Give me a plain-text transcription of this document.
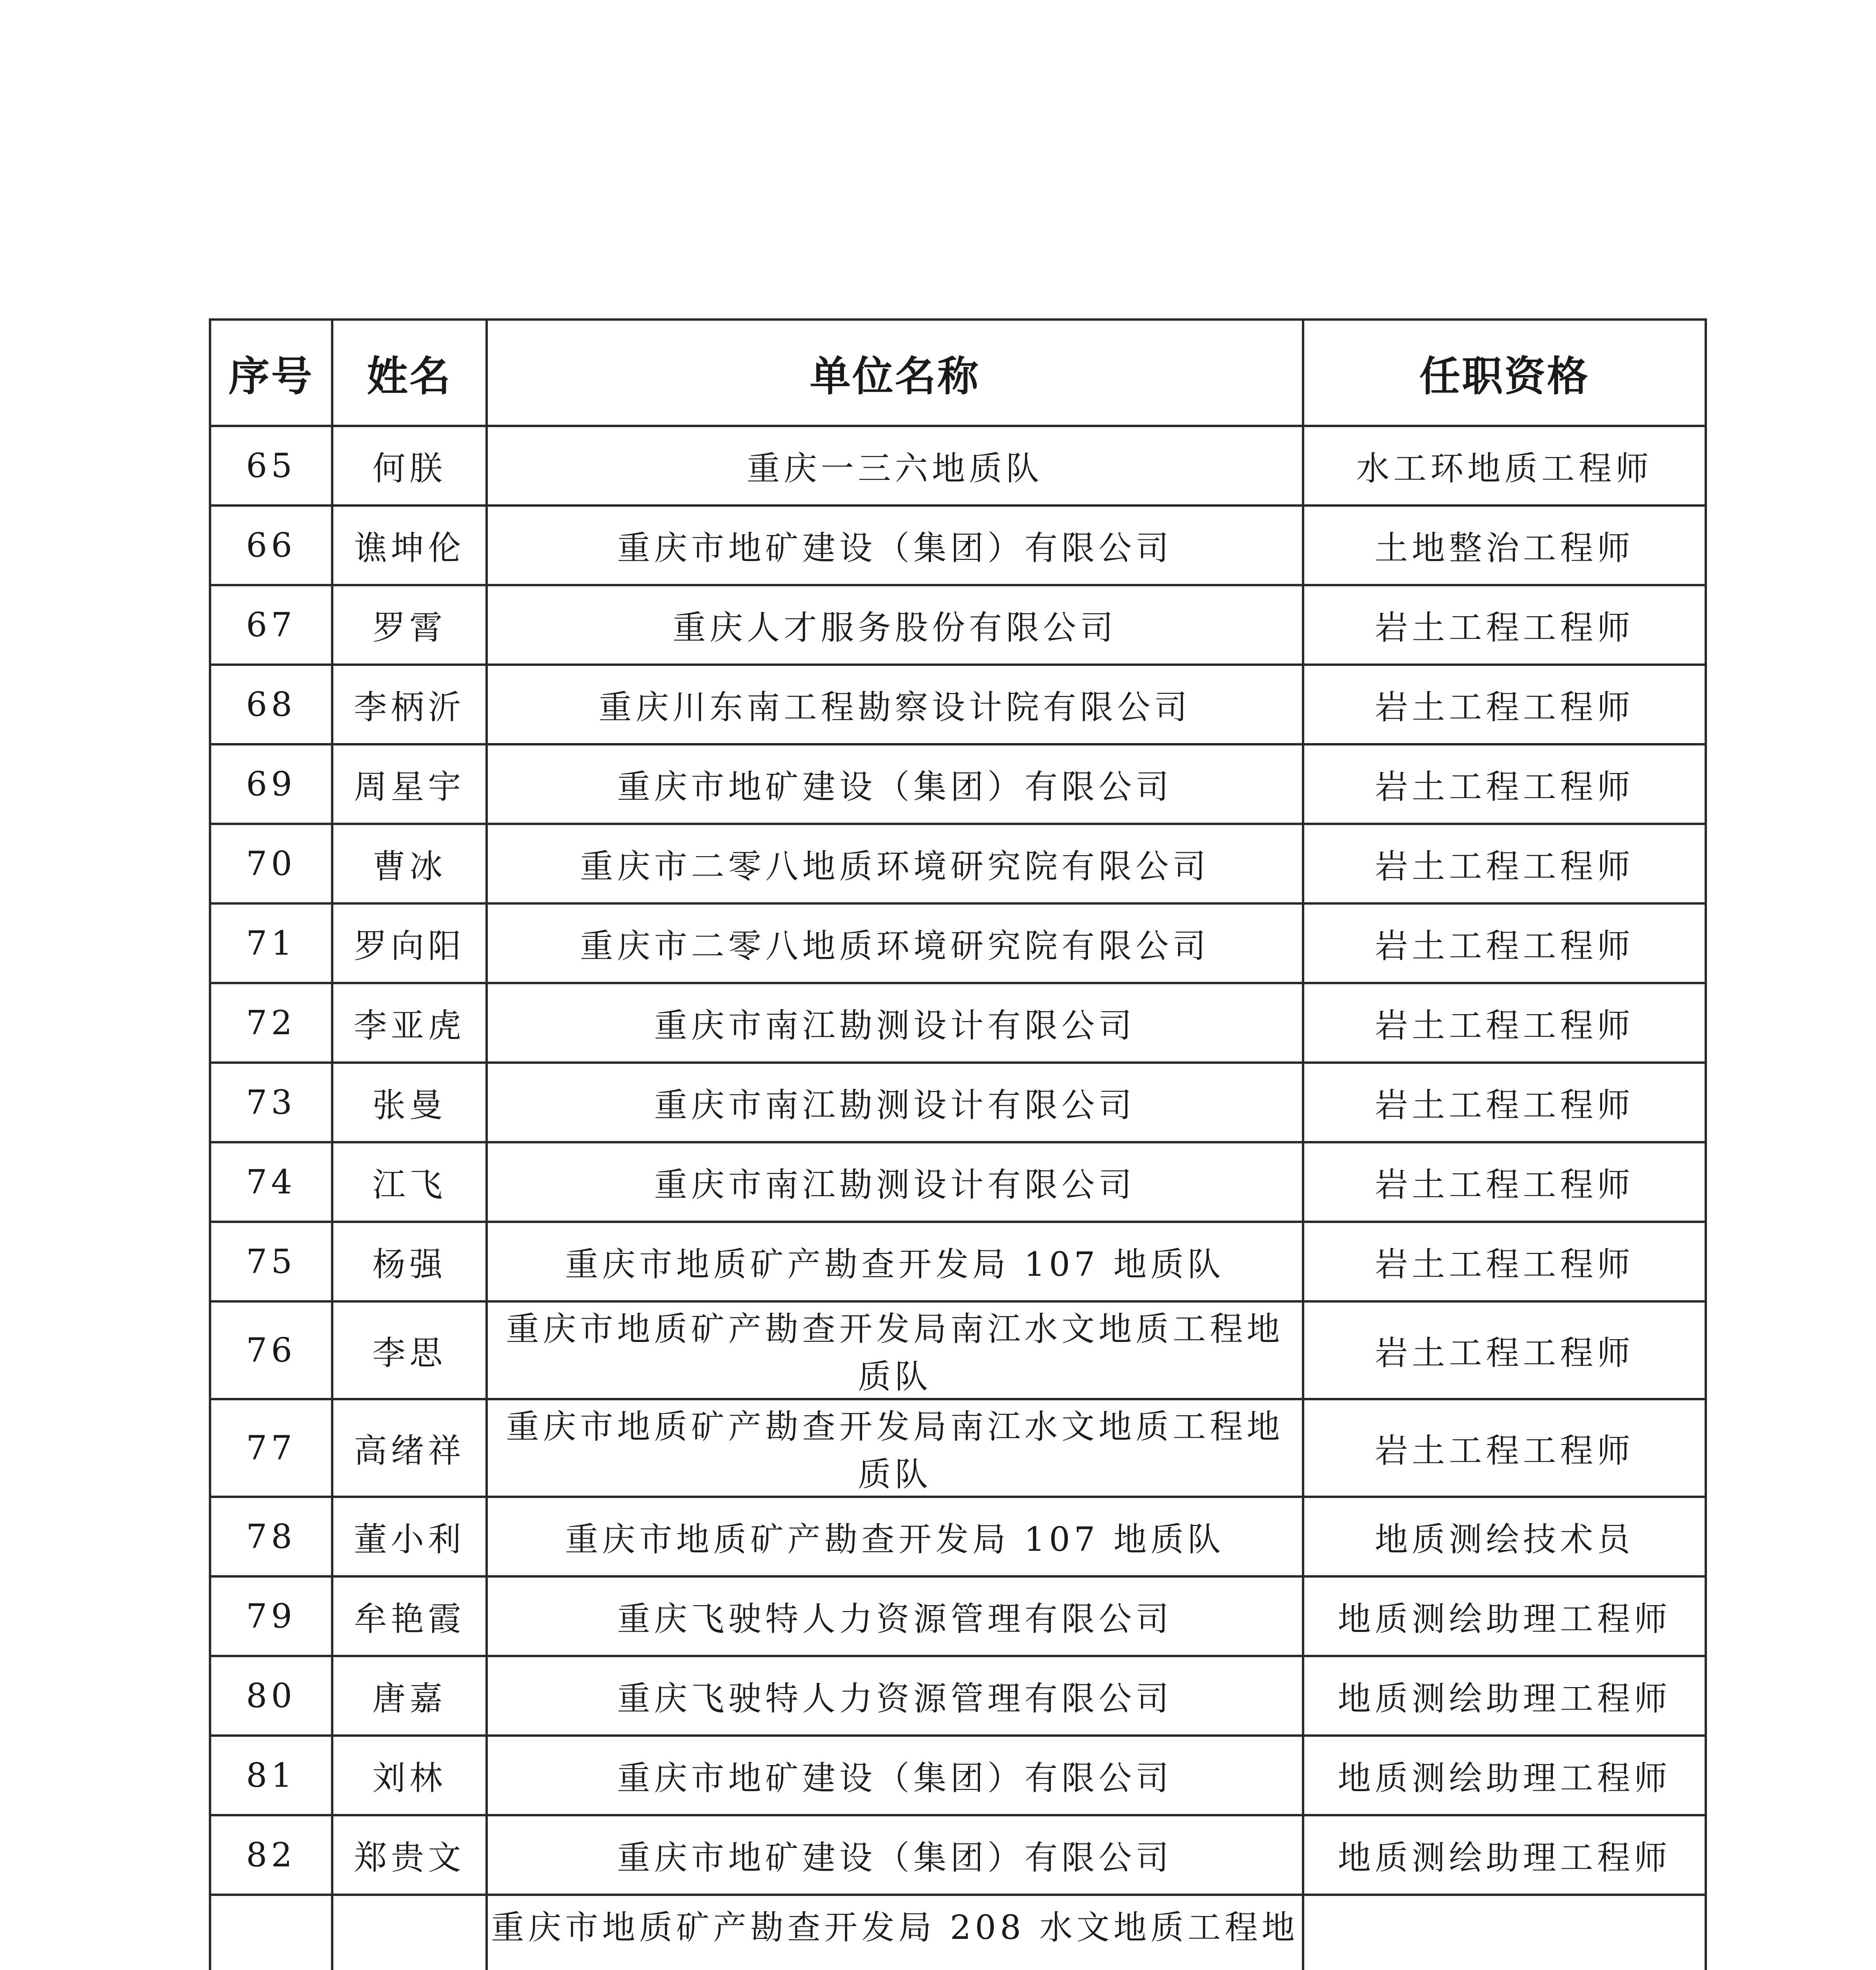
序号	姓名	单位名称	任职资格
65	何朕	重庆一三六地质队	水工环地质工程师
66	谯坤伦	重庆市地矿建设（集团）有限公司	土地整治工程师
67	罗霄	重庆人才服务股份有限公司	岩土工程工程师
68	李柄沂	重庆川东南工程勘察设计院有限公司	岩土工程工程师
69	周星宇	重庆市地矿建设（集团）有限公司	岩土工程工程师
70	曹冰	重庆市二零八地质环境研究院有限公司	岩土工程工程师
71	罗向阳	重庆市二零八地质环境研究院有限公司	岩土工程工程师
72	李亚虎	重庆市南江勘测设计有限公司	岩土工程工程师
73	张曼	重庆市南江勘测设计有限公司	岩土工程工程师
74	江飞	重庆市南江勘测设计有限公司	岩土工程工程师
75	杨强	重庆市地质矿产勘查开发局 107 地质队	岩土工程工程师
76	李思	重庆市地质矿产勘查开发局南江水文地质工程地质队	岩土工程工程师
77	高绪祥	重庆市地质矿产勘查开发局南江水文地质工程地质队	岩土工程工程师
78	董小利	重庆市地质矿产勘查开发局 107 地质队	地质测绘技术员
79	牟艳霞	重庆飞驶特人力资源管理有限公司	地质测绘助理工程师
80	唐嘉	重庆飞驶特人力资源管理有限公司	地质测绘助理工程师
81	刘林	重庆市地矿建设（集团）有限公司	地质测绘助理工程师
82	郑贵文	重庆市地矿建设（集团）有限公司	地质测绘助理工程师
		重庆市地质矿产勘查开发局 208 水文地质工程地
